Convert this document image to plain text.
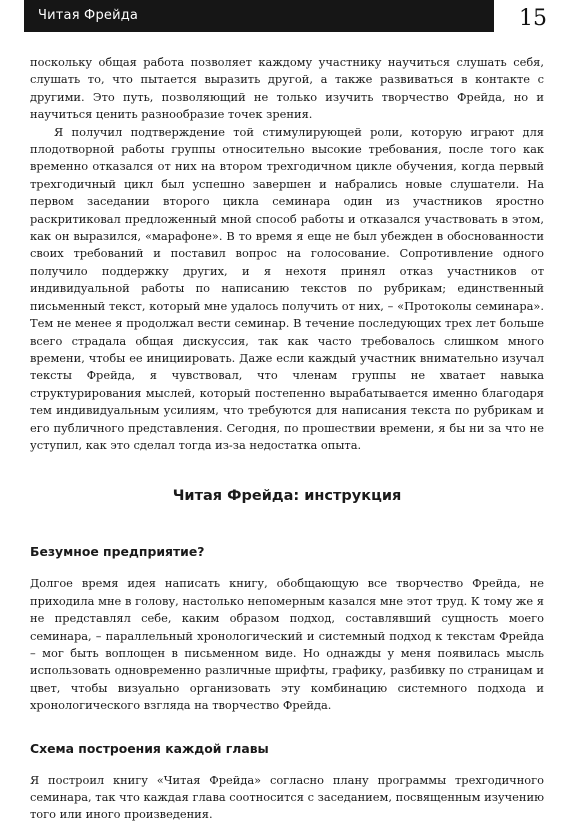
Читая Фрейда	15

поскольку общая работа позволяет каждому участнику научиться слушать себя, слушать то, что пытается выразить другой, а также развиваться в контакте с другими. Это путь, позволяющий не только изучить творчество Фрейда, но и научиться ценить разнообразие точек зрения.

Я получил подтверждение той стимулирующей роли, которую играют для плодотворной работы группы относительно высокие требования, после того как временно отказался от них на втором трехгодичном цикле обучения, когда первый трехгодичный цикл был успешно завершен и набрались новые слушатели. На первом заседании второго цикла семинара один из участников яростно раскритиковал предложенный мной способ работы и отказался участвовать в этом, как он выразился, «марафоне». В то время я еще не был убежден в обоснованности своих требований и поставил вопрос на голосование. Сопротивление одного получило поддержку других, и я нехотя принял отказ участников от индивидуальной работы по написанию текстов по рубрикам; единственный письменный текст, который мне удалось получить от них, – «Протоколы семинара». Тем не менее я продолжал вести семинар. В течение последующих трех лет больше всего страдала общая дискуссия, так как часто требовалось слишком много времени, чтобы ее инициировать. Даже если каждый участник внимательно изучал тексты Фрейда, я чувствовал, что членам группы не хватает навыка структурирования мыслей, который постепенно вырабатывается именно благодаря тем индивидуальным усилиям, что требуются для написания текста по рубрикам и его публичного представления. Сегодня, по прошествии времени, я бы ни за что не уступил, как это сделал тогда из-за недостатка опыта.

Читая Фрейда: инструкция
Безумное предприятие?

Долгое время идея написать книгу, обобщающую все творчество Фрейда, не приходила мне в голову, настолько непомерным казался мне этот труд. К тому же я не представлял себе, каким образом подход, составлявший сущность моего семинара, – параллельный хронологический и системный подход к текстам Фрейда – мог быть воплощен в письменном виде. Но однажды у меня появилась мысль использовать одновременно различные шрифты, графику, разбивку по страницам и цвет, чтобы визуально организовать эту комбинацию системного подхода и хронологического взгляда на творчество Фрейда.

Схема построения каждой главы

Я построил книгу «Читая Фрейда» согласно плану программы трехгодичного семинара, так что каждая глава соотносится с заседанием, посвященным изучению того или иного произведения.
